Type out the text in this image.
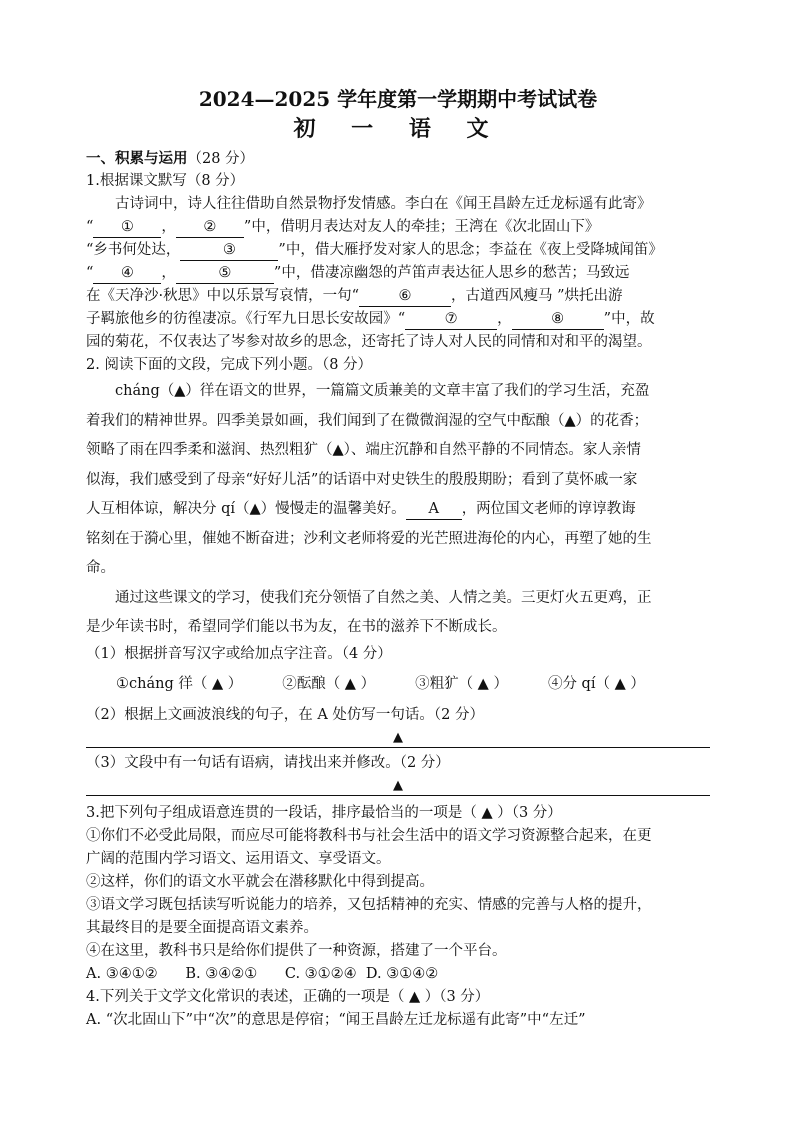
2024—2025 学年度第一学期期中考试试卷
初 一 语 文
一、积累与运用（28 分）

1.根据课文默写（8 分）

古诗词中，诗人往往借助自然景物抒发情感。李白在《闻王昌龄左迁龙标遥有此寄》

“ ① ， ② ”中，借明月表达对友人的牵挂；王湾在《次北固山下》

“乡书何处达，	③	”中，借大雁抒发对家人的思念；李益在《夜上受降城闻笛》

“ ④ ，	⑤	”中，借凄凉幽怨的芦笛声表达征人思乡的愁苦；马致远

在《天净沙·秋思》中以乐景写哀情，一句“	⑥	，古道西风瘦马 ”烘托出游

子羁旅他乡的彷徨凄凉。《行军九日思长安故园》“	⑦	，	⑧	”中，故

园的菊花，不仅表达了岑参对故乡的思念，还寄托了诗人对人民的同情和对和平的渴望。

2. 阅读下面的文段，完成下列小题。（8 分）

cháng（▲）徉在语文的世界，一篇篇文质兼美的文章丰富了我们的学习生活，充盈

着我们的精神世界。四季美景如画，我们闻到了在微微润湿的空气中酝酿（▲）的花香；

领略了雨在四季柔和滋润、热烈粗犷（▲）、端庄沉静和自然平静的不同情态。家人亲情

似海，我们感受到了母亲“好好儿活”的话语中对史铁生的殷殷期盼；看到了莫怀戚一家

人互相体谅，解决分 qí（▲）慢慢走的温馨美好。 A ，两位国文老师的谆谆教诲

铭刻在于漪心里，催她不断奋进；沙利文老师将爱的光芒照进海伦的内心，再塑了她的生

命。

通过这些课文的学习，使我们充分领悟了自然之美、人情之美。三更灯火五更鸡，正

是少年读书时，希望同学们能以书为友，在书的滋养下不断成长。

（1）根据拼音写汉字或给加点字注音。（4 分）

①cháng 徉（ ▲ ）	②酝酿（ ▲ ）	③粗犷（ ▲ ）	④分 qí（ ▲ ）

（2）根据上文画波浪线的句子，在 A 处仿写一句话。（2 分）

▲

（3）文段中有一句话有语病，请找出来并修改。（2 分）

▲

3.把下列句子组成语意连贯的一段话，排序最恰当的一项是（ ▲ ）（3 分）

①你们不必受此局限，而应尽可能将教科书与社会生活中的语文学习资源整合起来，在更

广阔的范围内学习语文、运用语文、享受语文。

②这样，你们的语文水平就会在潜移默化中得到提高。

③语文学习既包括读写听说能力的培养，又包括精神的充实、情感的完善与人格的提升，

其最终目的是要全面提高语文素养。

④在这里，教科书只是给你们提供了一种资源，搭建了一个平台。

A. ③④①②      B. ③④②①      C. ③①②④  D. ③①④②

4.下列关于文学文化常识的表述，正确的一项是（ ▲ ）（3 分）

A. “次北固山下”中“次”的意思是停宿；“闻王昌龄左迁龙标遥有此寄”中“左迁”
